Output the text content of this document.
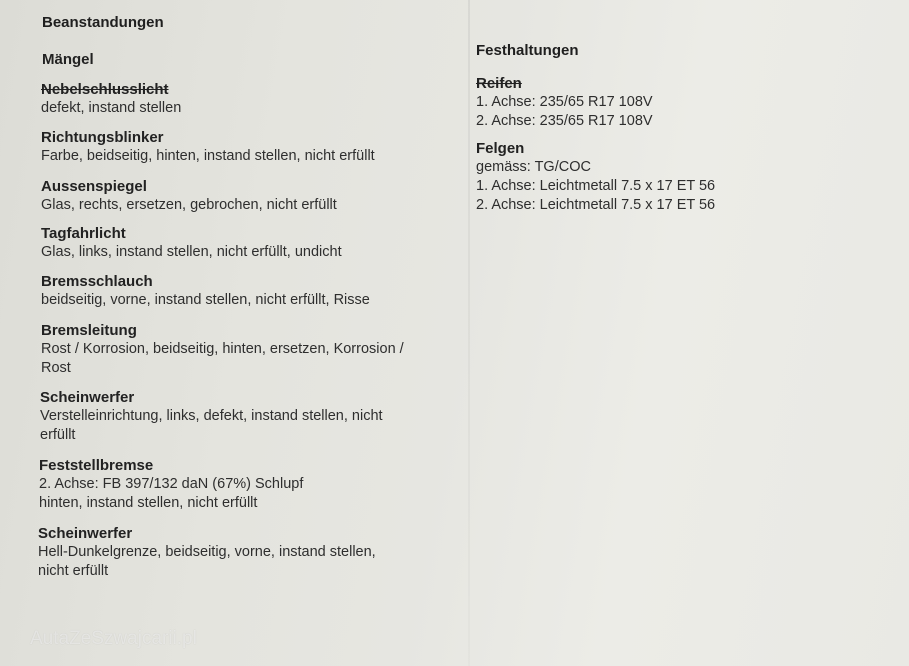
Beanstandungen
Mängel
Nebelschlusslicht
defekt, instand stellen
Richtungsblinker
Farbe, beidseitig, hinten, instand stellen, nicht erfüllt
Aussenspiegel
Glas, rechts, ersetzen, gebrochen, nicht erfüllt
Tagfahrlicht
Glas, links, instand stellen, nicht erfüllt, undicht
Bremsschlauch
beidseitig, vorne, instand stellen, nicht erfüllt, Risse
Bremsleitung
Rost / Korrosion, beidseitig, hinten, ersetzen, Korrosion /
Rost
Scheinwerfer
Verstelleinrichtung, links, defekt, instand stellen, nicht
erfüllt
Feststellbremse
2. Achse: FB 397/132 daN (67%) Schlupf
hinten, instand stellen, nicht erfüllt
Scheinwerfer
Hell-Dunkelgrenze, beidseitig, vorne, instand stellen,
nicht erfüllt
Festhaltungen
Reifen
1. Achse: 235/65 R17 108V
2. Achse: 235/65 R17 108V
Felgen
gemäss: TG/COC
1. Achse: Leichtmetall 7.5 x 17 ET 56
2. Achse: Leichtmetall 7.5 x 17 ET 56
AutaZeSzwajcarii.pl
